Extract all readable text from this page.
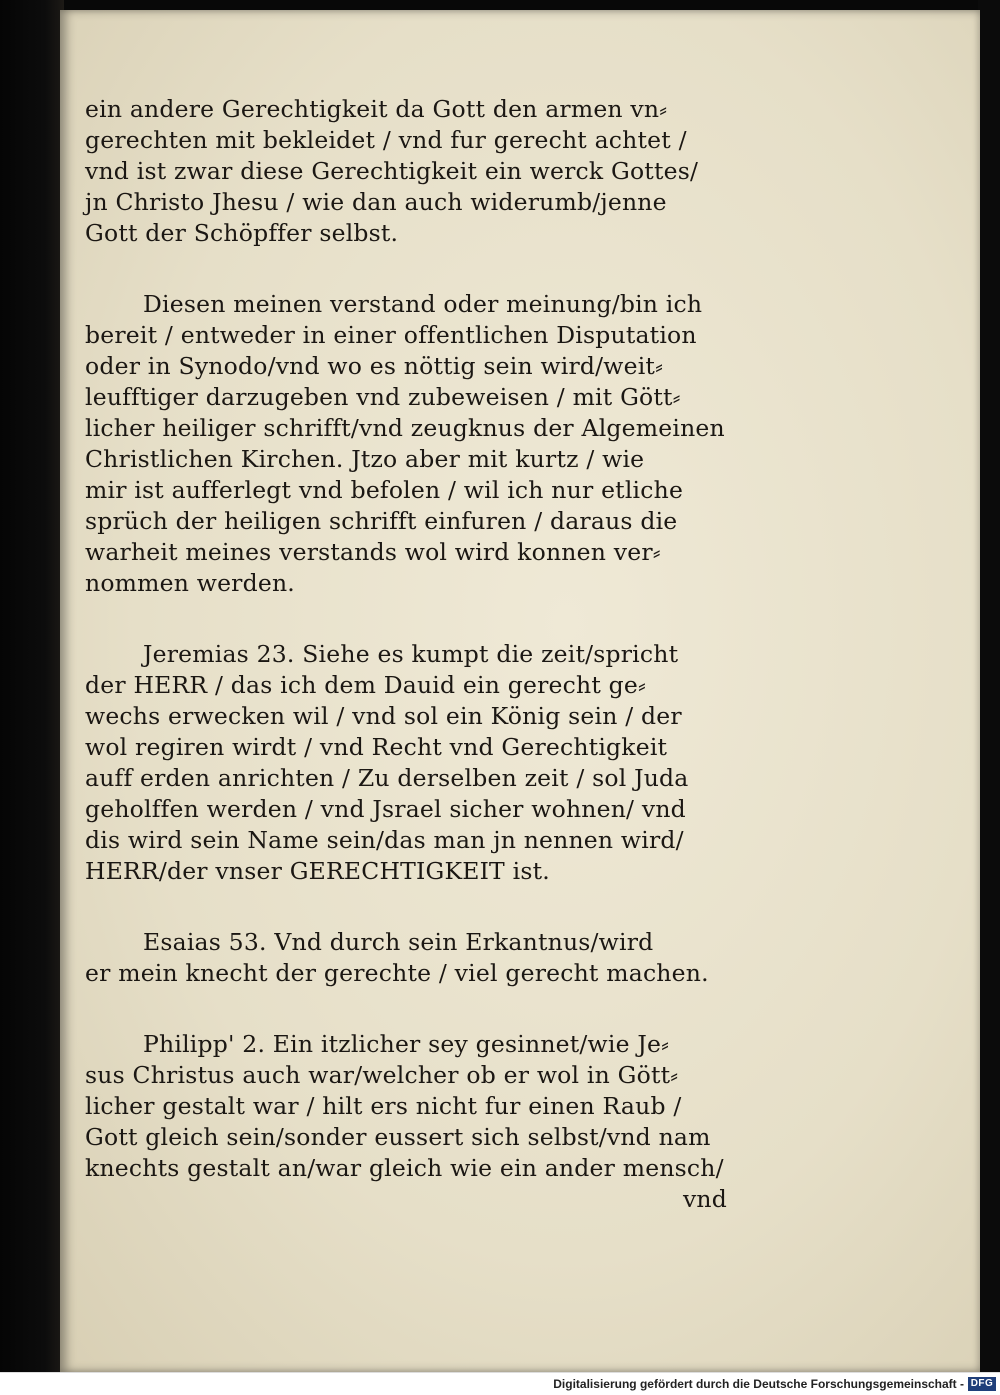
ein andere Gerechtigkeit da Gott den armen vn⸗
gerechten mit bekleidet / vnd fur gerecht achtet /
vnd ist zwar diese Gerechtigkeit ein werck Gottes/
jn Christo Jhesu / wie dan auch widerumb/jenne
Gott der Schöpffer selbst.
Diesen meinen verstand oder meinung/bin ich
bereit / entweder in einer offentlichen Disputation
oder in Synodo/vnd wo es nöttig sein wird/weit⸗
leufftiger darzugeben vnd zubeweisen / mit Gött⸗
licher heiliger schrifft/vnd zeugknus der Algemeinen
Christlichen Kirchen. Jtzo aber mit kurtz / wie
mir ist aufferlegt vnd befolen / wil ich nur etliche
sprüch der heiligen schrifft einfuren / daraus die
warheit meines verstands wol wird konnen ver⸗
nommen werden.
Jeremias 23. Siehe es kumpt die zeit/spricht
der HERR / das ich dem Dauid ein gerecht ge⸗
wechs erwecken wil / vnd sol ein König sein / der
wol regiren wirdt / vnd Recht vnd Gerechtigkeit
auff erden anrichten / Zu derselben zeit / sol Juda
geholffen werden / vnd Jsrael sicher wohnen/ vnd
dis wird sein Name sein/das man jn nennen wird/
HERR/der vnser GERECHTIGKEIT ist.
Esaias 53. Vnd durch sein Erkantnus/wird
er mein knecht der gerechte / viel gerecht machen.
Philipp' 2. Ein itzlicher sey gesinnet/wie Je⸗
sus Christus auch war/welcher ob er wol in Gött⸗
licher gestalt war / hilt ers nicht fur einen Raub /
Gott gleich sein/sonder eussert sich selbst/vnd nam
knechts gestalt an/war gleich wie ein ander mensch/
vnd
Digitalisierung gefördert durch die Deutsche Forschungsgemeinschaft - DFG
